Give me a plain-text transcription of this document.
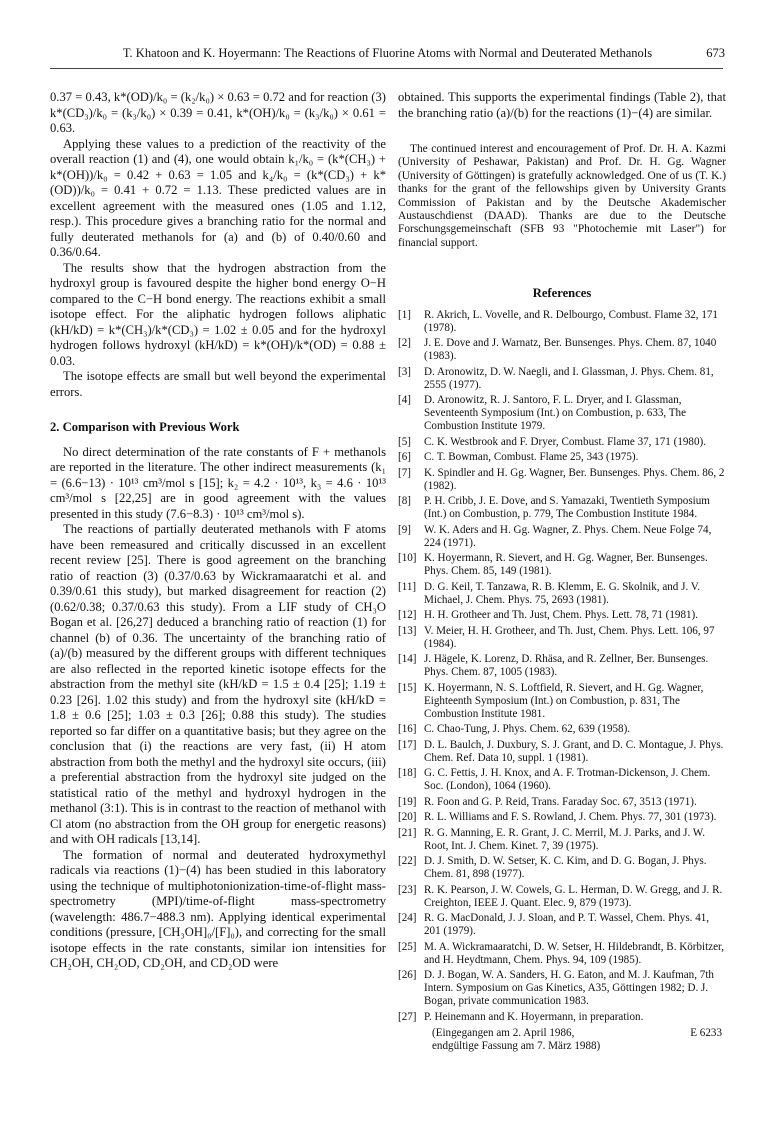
T. Khatoon and K. Hoyermann: The Reactions of Fluorine Atoms with Normal and Deuterated Methanols	673

0.37 = 0.43, k*(OD)/k₀ = (k₂/k₀) × 0.63 = 0.72 and for reaction (3) k*(CD₃)/k₀ = (k₃/k₀) × 0.39 = 0.41, k*(OH)/k₀ = (k₃/k₀) × 0.61 = 0.63.

Applying these values to a prediction of the reactivity of the overall reaction (1) and (4), one would obtain k₁/k₀ = (k*(CH₃) + k*(OH))/k₀ = 0.42 + 0.63 = 1.05 and k₄/k₀ = (k*(CD₃) + k*(OD))/k₀ = 0.41 + 0.72 = 1.13. These predicted values are in excellent agreement with the measured ones (1.05 and 1.12, resp.). This procedure gives a branching ratio for the normal and fully deuterated methanols for (a) and (b) of 0.40/0.60 and 0.36/0.64.

The results show that the hydrogen abstraction from the hydroxyl group is favoured despite the higher bond energy O−H compared to the C−H bond energy. The reactions exhibit a small isotope effect. For the aliphatic hydrogen follows aliphatic (kH/kD) = k*(CH₃)/k*(CD₃) = 1.02 ± 0.05 and for the hydroxyl hydrogen follows hydroxyl (kH/kD) = k*(OH)/k*(OD) = 0.88 ± 0.03.

The isotope effects are small but well beyond the experimental errors.

2. Comparison with Previous Work

No direct determination of the rate constants of F + methanols are reported in the literature. The other indirect measurements (k₁ = (6.6−13) · 10¹³ cm³/mol s [15]; k₂ = 4.2 · 10¹³, k₃ = 4.6 · 10¹³ cm³/mol s [22,25] are in good agreement with the values presented in this study (7.6−8.3) · 10¹³ cm³/mol s).

The reactions of partially deuterated methanols with F atoms have been remeasured and critically discussed in an excellent recent review [25]. There is good agreement on the branching ratio of reaction (3) (0.37/0.63 by Wickramaaratchi et al. and 0.39/0.61 this study), but marked disagreement for reaction (2) (0.62/0.38; 0.37/0.63 this study). From a LIF study of CH₃O Bogan et al. [26,27] deduced a branching ratio of reaction (1) for channel (b) of 0.36. The uncertainty of the branching ratio of (a)/(b) measured by the different groups with different techniques are also reflected in the reported kinetic isotope effects for the abstraction from the methyl site (kH/kD = 1.5 ± 0.4 [25]; 1.19 ± 0.23 [26]. 1.02 this study) and from the hydroxyl site (kH/kD = 1.8 ± 0.6 [25]; 1.03 ± 0.3 [26]; 0.88 this study). The studies reported so far differ on a quantitative basis; but they agree on the conclusion that (i) the reactions are very fast, (ii) H atom abstraction from both the methyl and the hydroxyl site occurs, (iii) a preferential abstraction from the hydroxyl site judged on the statistical ratio of the methyl and hydroxyl hydrogen in the methanol (3:1). This is in contrast to the reaction of methanol with Cl atom (no abstraction from the OH group for energetic reasons) and with OH radicals [13,14].

The formation of normal and deuterated hydroxymethyl radicals via reactions (1)−(4) has been studied in this laboratory using the technique of multiphotonionization-time-of-flight mass-spectrometry (MPI)/time-of-flight mass-spectrometry (wavelength: 486.7−488.3 nm). Applying identical experimental conditions (pressure, [CH₃OH]₀/[F]₀), and correcting for the small isotope effects in the rate constants, similar ion intensities for CH₂OH, CH₂OD, CD₂OH, and CD₂OD were

obtained. This supports the experimental findings (Table 2), that the branching ratio (a)/(b) for the reactions (1)−(4) are similar.

The continued interest and encouragement of Prof. Dr. H. A. Kazmi (University of Peshawar, Pakistan) and Prof. Dr. H. Gg. Wagner (University of Göttingen) is gratefully acknowledged. One of us (T. K.) thanks for the grant of the fellowships given by University Grants Commission of Pakistan and by the Deutsche Akademischer Austauschdienst (DAAD). Thanks are due to the Deutsche Forschungsgemeinschaft (SFB 93 "Photochemie mit Laser") for financial support.

References
[1] R. Akrich, L. Vovelle, and R. Delbourgo, Combust. Flame 32, 171 (1978).
[2] J. E. Dove and J. Warnatz, Ber. Bunsenges. Phys. Chem. 87, 1040 (1983).
[3] D. Aronowitz, D. W. Naegli, and I. Glassman, J. Phys. Chem. 81, 2555 (1977).
[4] D. Aronowitz, R. J. Santoro, F. L. Dryer, and I. Glassman, Seventeenth Symposium (Int.) on Combustion, p. 633, The Combustion Institute 1979.
[5] C. K. Westbrook and F. Dryer, Combust. Flame 37, 171 (1980).
[6] C. T. Bowman, Combust. Flame 25, 343 (1975).
[7] K. Spindler and H. Gg. Wagner, Ber. Bunsenges. Phys. Chem. 86, 2 (1982).
[8] P. H. Cribb, J. E. Dove, and S. Yamazaki, Twentieth Symposium (Int.) on Combustion, p. 779, The Combustion Institute 1984.
[9] W. K. Aders and H. Gg. Wagner, Z. Phys. Chem. Neue Folge 74, 224 (1971).
[10] K. Hoyermann, R. Sievert, and H. Gg. Wagner, Ber. Bunsenges. Phys. Chem. 85, 149 (1981).
[11] D. G. Keil, T. Tanzawa, R. B. Klemm, E. G. Skolnik, and J. V. Michael, J. Chem. Phys. 75, 2693 (1981).
[12] H. H. Grotheer and Th. Just, Chem. Phys. Lett. 78, 71 (1981).
[13] V. Meier, H. H. Grotheer, and Th. Just, Chem. Phys. Lett. 106, 97 (1984).
[14] J. Hägele, K. Lorenz, D. Rhäsa, and R. Zellner, Ber. Bunsenges. Phys. Chem. 87, 1005 (1983).
[15] K. Hoyermann, N. S. Loftfield, R. Sievert, and H. Gg. Wagner, Eighteenth Symposium (Int.) on Combustion, p. 831, The Combustion Institute 1981.
[16] C. Chao-Tung, J. Phys. Chem. 62, 639 (1958).
[17] D. L. Baulch, J. Duxbury, S. J. Grant, and D. C. Montague, J. Phys. Chem. Ref. Data 10, suppl. 1 (1981).
[18] G. C. Fettis, J. H. Knox, and A. F. Trotman-Dickenson, J. Chem. Soc. (London), 1064 (1960).
[19] R. Foon and G. P. Reid, Trans. Faraday Soc. 67, 3513 (1971).
[20] R. L. Williams and F. S. Rowland, J. Chem. Phys. 77, 301 (1973).
[21] R. G. Manning, E. R. Grant, J. C. Merril, M. J. Parks, and J. W. Root, Int. J. Chem. Kinet. 7, 39 (1975).
[22] D. J. Smith, D. W. Setser, K. C. Kim, and D. G. Bogan, J. Phys. Chem. 81, 898 (1977).
[23] R. K. Pearson, J. W. Cowels, G. L. Herman, D. W. Gregg, and J. R. Creighton, IEEE J. Quant. Elec. 9, 879 (1973).
[24] R. G. MacDonald, J. J. Sloan, and P. T. Wassel, Chem. Phys. 41, 201 (1979).
[25] M. A. Wickramaaratchi, D. W. Setser, H. Hildebrandt, B. Körbitzer, and H. Heydtmann, Chem. Phys. 94, 109 (1985).
[26] D. J. Bogan, W. A. Sanders, H. G. Eaton, and M. J. Kaufman, 7th Intern. Symposium on Gas Kinetics, A35, Göttingen 1982; D. J. Bogan, private communication 1983.
[27] P. Heinemann and K. Hoyermann, in preparation.
(Eingegangen am 2. April 1986,
endgültige Fassung am 7. März 1988)
E 6233
